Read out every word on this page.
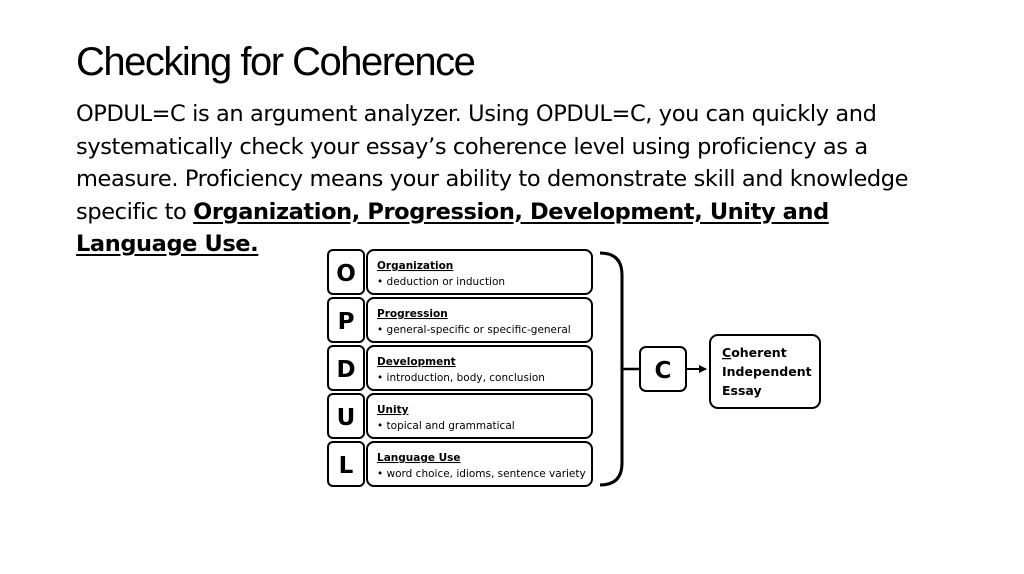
Checking for Coherence
OPDUL=C is an argument analyzer. Using OPDUL=C, you can quickly and systematically check your essay’s coherence level using proficiency as a measure. Proficiency means your ability to demonstrate skill and knowledge specific to Organization, Progression, Development, Unity and Language Use.
O Organization
• deduction or induction
P Progression
• general-specific or specific-general
D Development
• introduction, body, conclusion
U Unity
• topical and grammatical
L Language Use
• word choice, idioms, sentence variety
C
Coherent
Independent
Essay
